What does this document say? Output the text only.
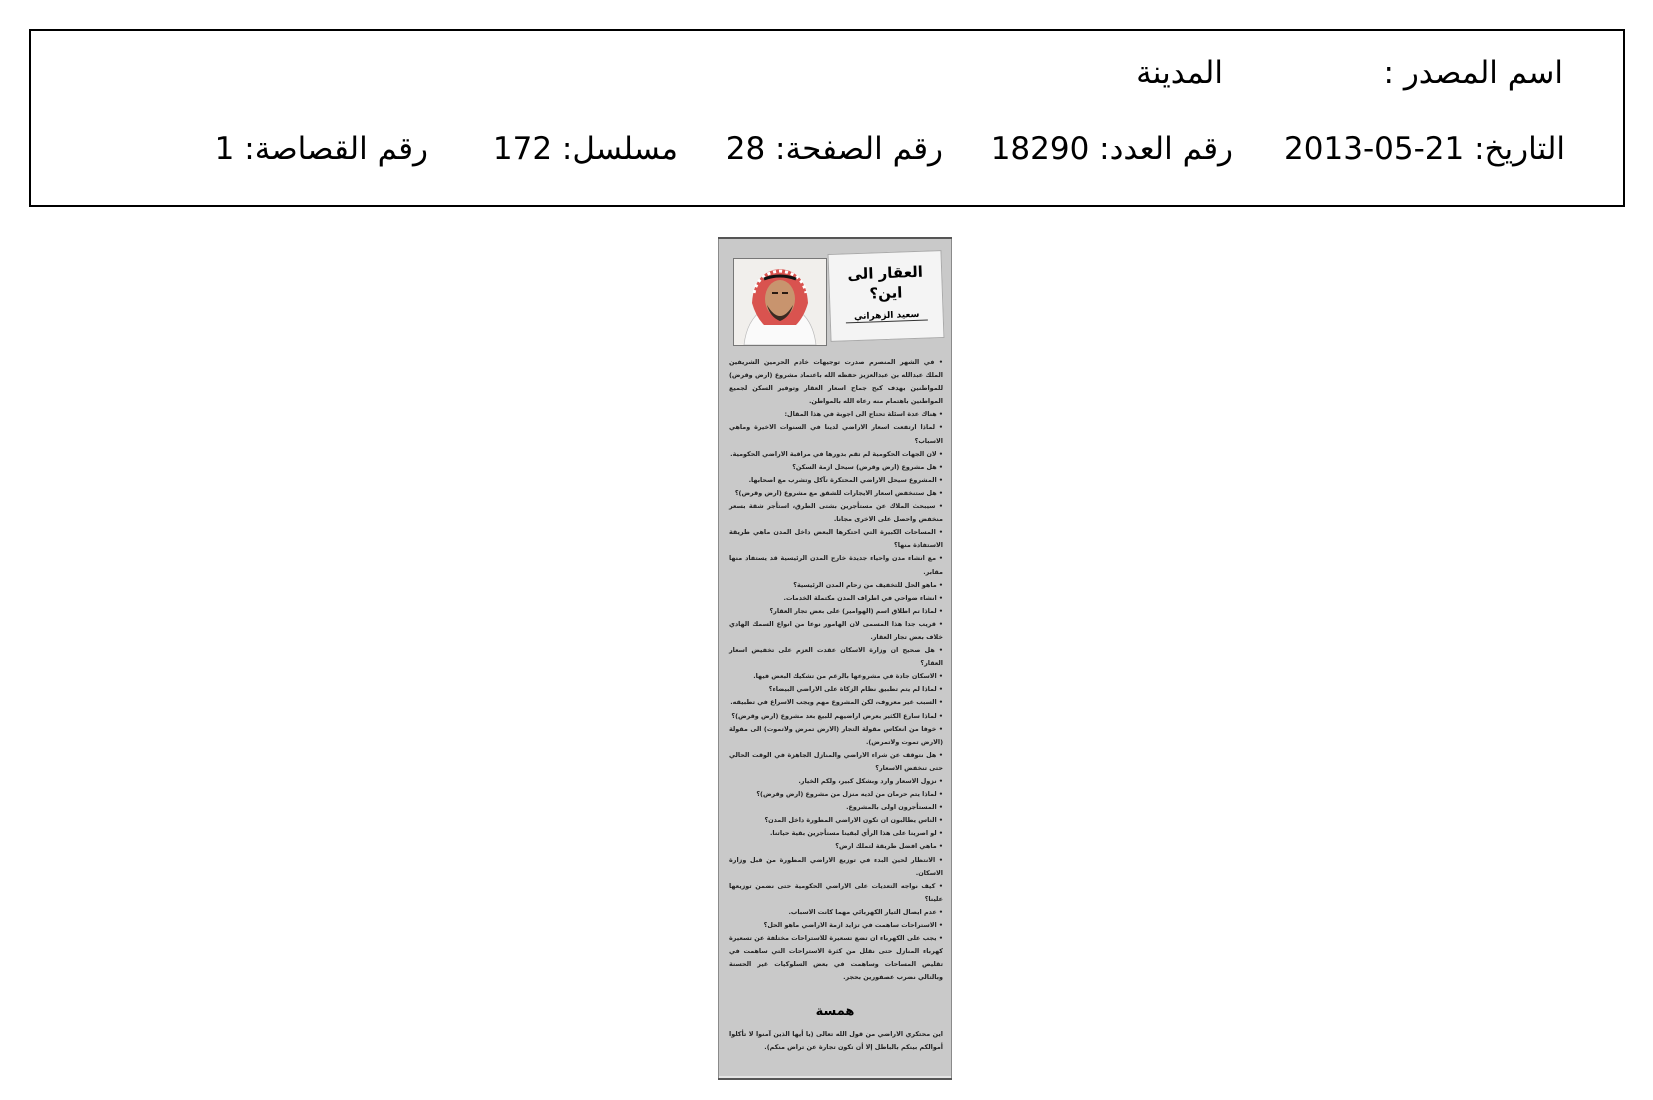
اسم المصدر :
المدينة
التاريخ: 21-05-2013
رقم العدد: 18290
رقم الصفحة: 28
مسلسل: 172
رقم القصاصة: 1
العقار الى اين؟
سعيد الزهراني

• في الشهر المنصرم صدرت توجيهات خادم الحرمين الشريفين الملك عبدالله بن عبدالعزيز حفظه الله باعتماد مشروع (ارض وقرض) للمواطنين بهدف كبح جماح اسعار العقار وتوفير السكن لجميع المواطنين باهتمام منه رعاه الله بالمواطن.

• هناك عدة اسئلة تحتاج الى اجوبة في هذا المقال:

• لماذا ارتفعت اسعار الاراضي لدينا في السنوات الاخيرة وماهي الاسباب؟

• لان الجهات الحكومية لم تقم بدورها في مراقبة الاراضي الحكومية.

• هل مشروع (ارض وقرض) سيحل ازمة السكن؟

• المشروع سيحل الاراضي المحتكرة تآكل وتشرب مع اصحابها.

• هل ستنخفض اسعار الايجارات للشقق مع مشروع (ارض وقرض)؟

• سيبحث الملاك عن مستأجرين بشتى الطرق، استأجر شقة بسعر منخفض واحصل على الاخرى مجانا.

• المساحات الكبيرة التي احتكرها البعض داخل المدن ماهي طريقة الاستفادة منها؟

• مع انشاء مدن واحياء جديدة خارج المدن الرئيسية قد يستفاد منها مقابر.

• ماهو الحل للتخفيف من زحام المدن الرئيسية؟

• انشاء ضواحي في اطراف المدن مكتملة الخدمات.

• لماذا تم اطلاق اسم (الهوامير) على بعض تجار العقار؟

• قريب جدا هذا المسمى لان الهامور نوعا من انواع السمك الهادي خلاف بعض تجار العقار.

• هل صحيح ان وزارة الاسكان عقدت العزم على تخفيض اسعار العقار؟

• الاسكان جادة في مشروعها بالرغم من تشكيك البعض فيها.

• لماذا لم يتم تطبيق نظام الزكاة على الاراضي البيضاء؟

• السبب غير معروف، لكن المشروع مهم ويجب الاسراع في تطبيقه.

• لماذا سارع الكثير بعرض اراضيهم للبيع بعد مشروع (ارض وقرض)؟

• خوفا من انعكاس مقولة التجار (الارض تمرض ولاتموت) الى مقولة (الارض تموت ولاتمرض).

• هل نتوقف عن شراء الاراضي والمنازل الجاهزة في الوقت الحالي حتى تنخفض الاسعار؟

• نزول الاسعار وارد وبشكل كبير، ولكم الخيار.

• لماذا يتم حرمان من لديه منزل من مشروع (ارض وقرض)؟

• المستأجرون اولى بالمشروع.

• الناس يطالبون ان تكون الاراضي المطورة داخل المدن؟

• لو اصرينا على هذا الرأي لبقينا مستأجرين بقية حياتنا.

• ماهي افضل طريقة لتملك ارض؟

• الانتظار لحين البدء في توزيع الاراضي المطورة من قبل وزارة الاسكان.

• كيف نواجه التعديات على الاراضي الحكومية حتى نضمن توزيعها علينا؟

• عدم ايصال التيار الكهربائي مهما كانت الاسباب.

• الاستراحات ساهمت في تزايد ازمة الاراضي ماهو الحل؟

• يجب على الكهرباء ان تضع تسعيرة للاستراحات مختلفة عن تسعيرة كهرباء المنازل حتى نقلل من كثرة الاستراحات التي ساهمت في تقليص المساحات وساهمت في بعض السلوكيات غير الحسنة وبالتالي نضرب عصفورين بحجر.

همسة
اين محتكري الاراضي من قول الله تعالى (يا أيها الذين آمنوا لا تأكلوا أموالكم بينكم بالباطل إلا أن تكون تجارة عن تراض منكم).
